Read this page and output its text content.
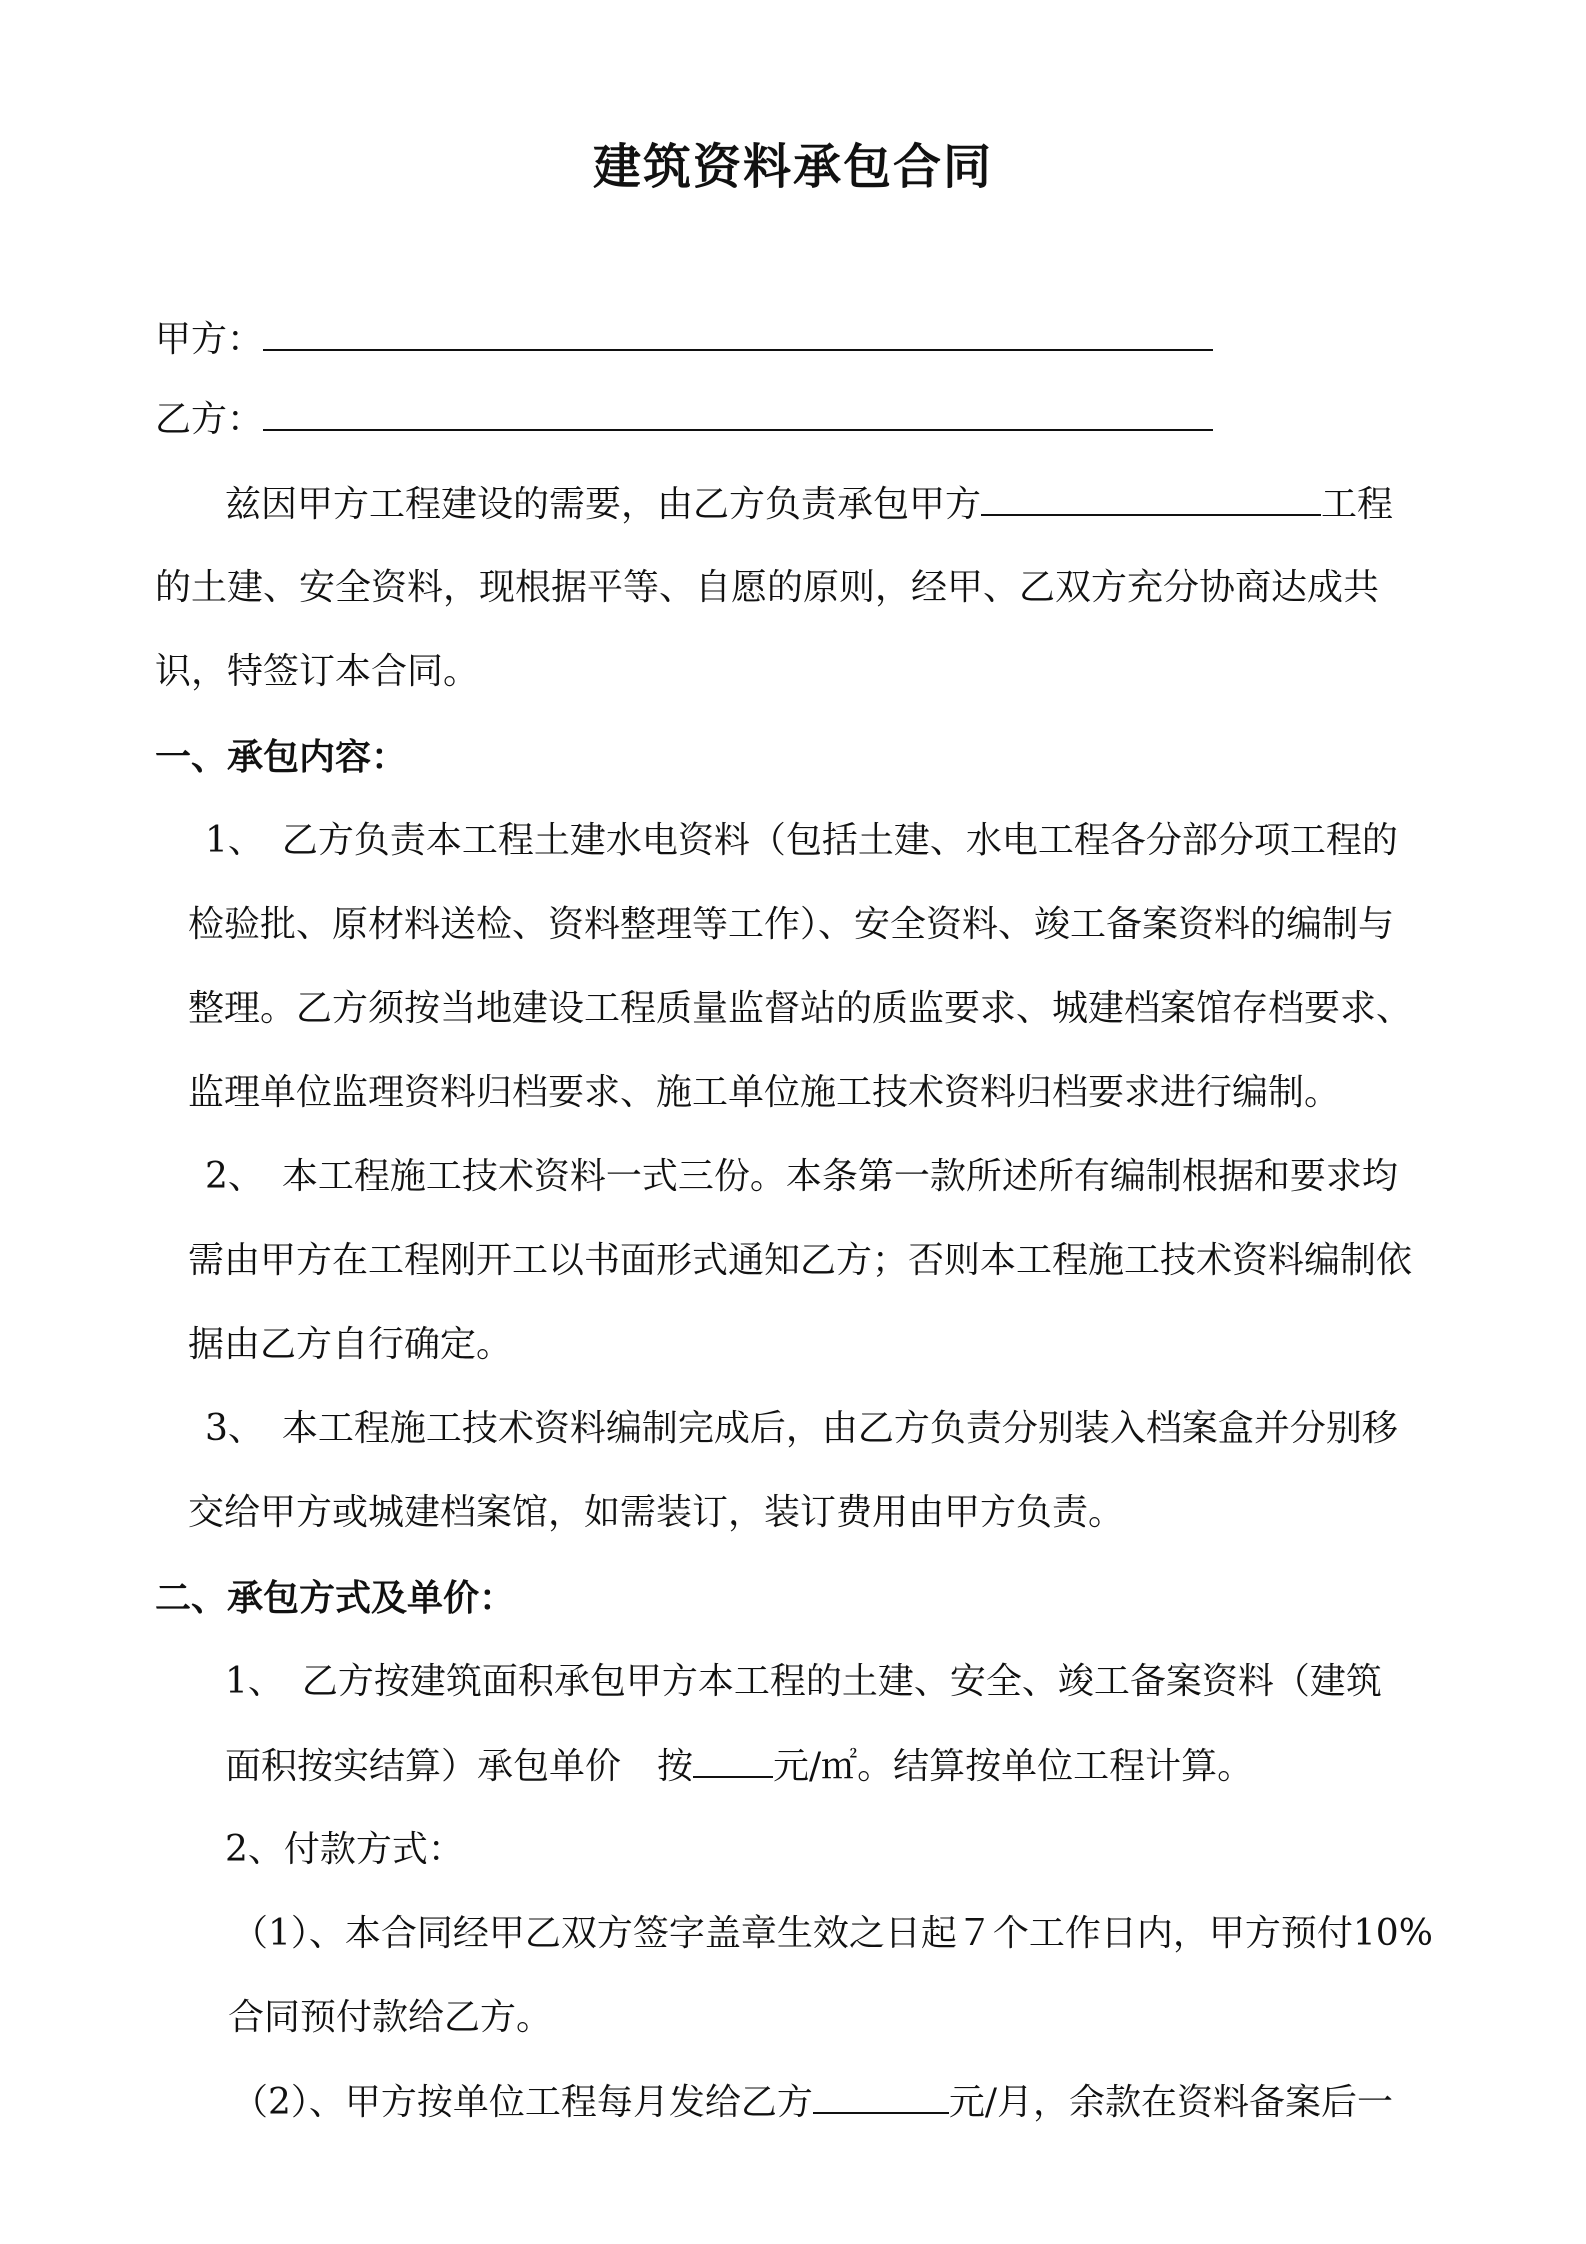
建筑资料承包合同
甲方：
乙方：
兹因甲方工程建设的需要，由乙方负责承包甲方	工程
的土建、安全资料，现根据平等、自愿的原则，经甲、乙双方充分协商达成共
识，特签订本合同。
一、承包内容：
1、　乙方负责本工程土建水电资料（包括土建、水电工程各分部分项工程的
检验批、原材料送检、资料整理等工作）、安全资料、竣工备案资料的编制与
整理。乙方须按当地建设工程质量监督站的质监要求、城建档案馆存档要求、
监理单位监理资料归档要求、施工单位施工技术资料归档要求进行编制。
2、　本工程施工技术资料一式三份。本条第一款所述所有编制根据和要求均
需由甲方在工程刚开工以书面形式通知乙方；否则本工程施工技术资料编制依
据由乙方自行确定。
3、　本工程施工技术资料编制完成后，由乙方负责分别装入档案盒并分别移
交给甲方或城建档案馆，如需装订，装订费用由甲方负责。
二、承包方式及单价：
1、　乙方按建筑面积承包甲方本工程的土建、安全、竣工备案资料（建筑
面积按实结算）承包单价　按 元/㎡。结算按单位工程计算。
2、付款方式：
（1）、本合同经甲乙双方签字盖章生效之日起７个工作日内，甲方预付10%
合同预付款给乙方。
（2）、甲方按单位工程每月发给乙方	元/月，余款在资料备案后一
